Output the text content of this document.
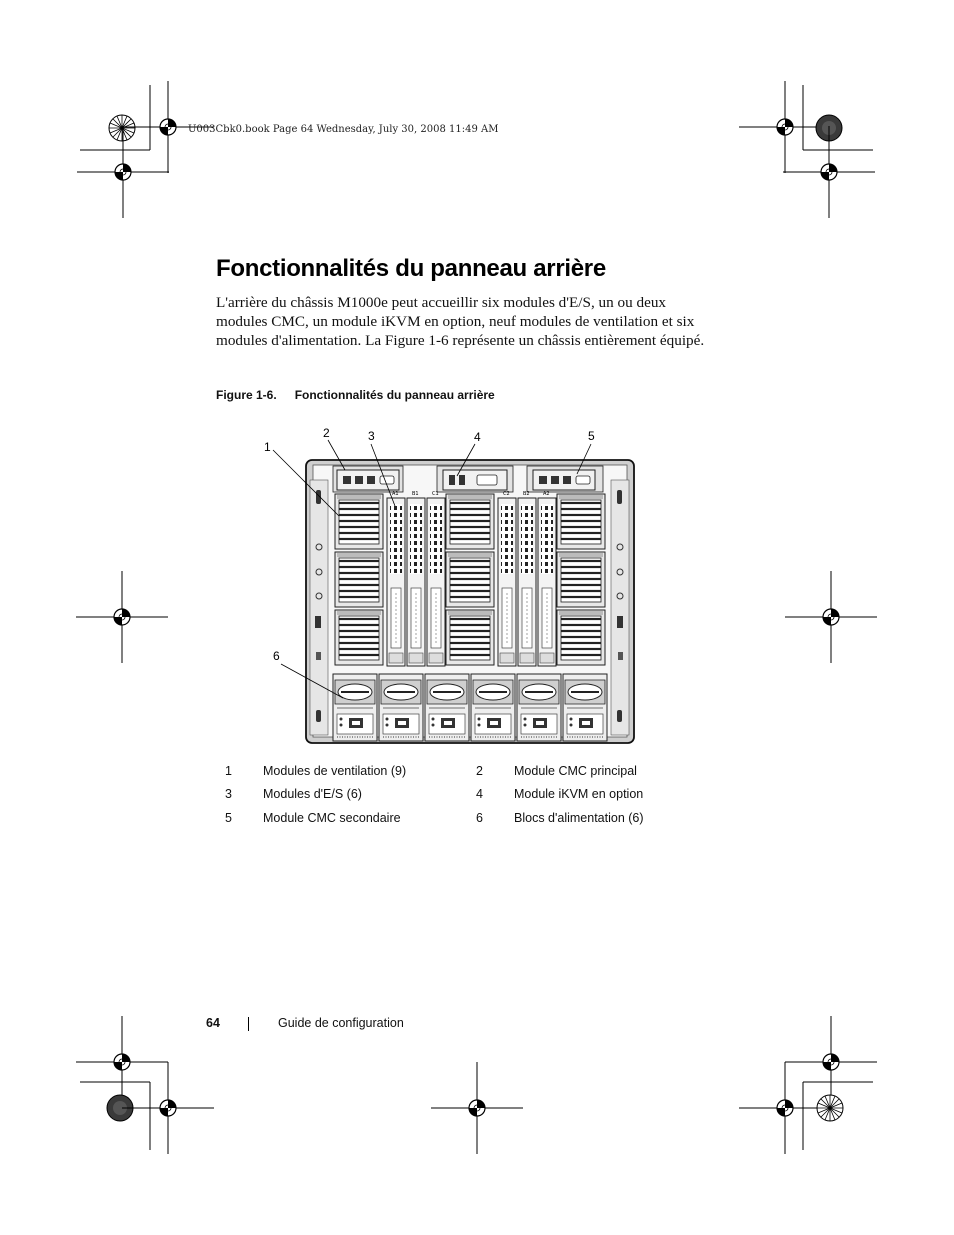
U003Cbk0.book Page 64 Wednesday, July 30, 2008 11:49 AM
Fonctionnalités du panneau arrière

L'arrière du châssis M1000e peut accueillir six modules d'E/S, un ou deux modules CMC, un module iKVM en option, neuf modules de ventilation et six modules d'alimentation. La Figure 1-6 représente un châssis entièrement équipé.

Figure 1-6. Fonctionnalités du panneau arrière
A1	B1	C1	C2	B2	A2
1
2	3	4	5
6
1	Modules de ventilation (9)	2	Module CMC principal
3	Modules d'E/S (6)	4	Module iKVM en option
5	Module CMC secondaire	6	Blocs d'alimentation (6)
64	Guide de configuration
